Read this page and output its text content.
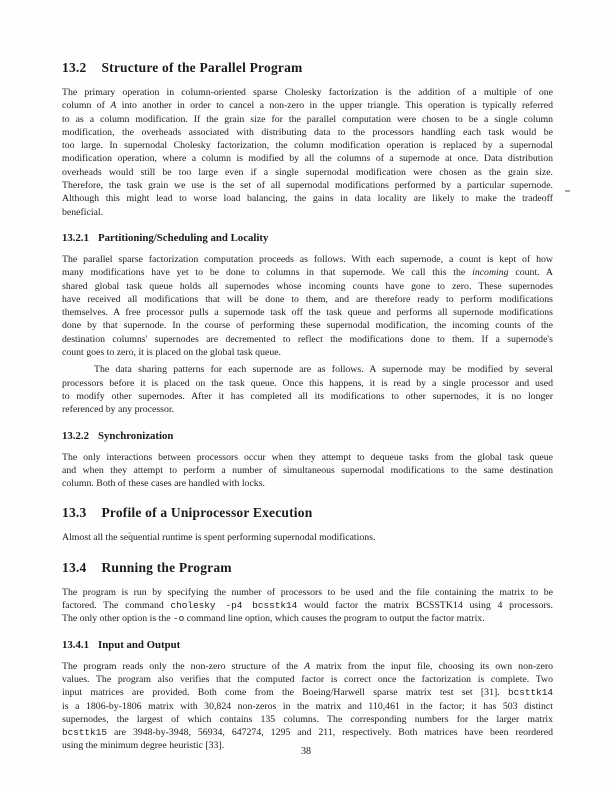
13.2 Structure of the Parallel Program
The primary operation in column-oriented sparse Cholesky factorization is the addition of a multiple of one
column of A into another in order to cancel a non-zero in the upper triangle. This operation is typically referred
to as a column modification. If the grain size for the parallel computation were chosen to be a single column
modification, the overheads associated with distributing data to the processors handling each task would be
too large. In supernodal Cholesky factorization, the column modification operation is replaced by a supernodal
modification operation, where a column is modified by all the columns of a supernode at once. Data distribution
overheads would still be too large even if a single supernodal modification were chosen as the grain size.
Therefore, the task grain we use is the set of all supernodal modifications performed by a particular supernode.
Although this might lead to worse load balancing, the gains in data locality are likely to make the tradeoff
beneficial.
13.2.1 Partitioning/Scheduling and Locality
The parallel sparse factorization computation proceeds as follows. With each supernode, a count is kept of how
many modifications have yet to be done to columns in that supernode. We call this the incoming count. A
shared global task queue holds all supernodes whose incoming counts have gone to zero. These supernodes
have received all modifications that will be done to them, and are therefore ready to perform modifications
themselves. A free processor pulls a supernode task off the task queue and performs all supernode modifications
done by that supernode. In the course of performing these supernodal modification, the incoming counts of the
destination columns' supernodes are decremented to reflect the modifications done to them. If a supernode's
count goes to zero, it is placed on the global task queue.
The data sharing patterns for each supernode are as follows. A supernode may be modified by several
processors before it is placed on the task queue. Once this happens, it is read by a single processor and used
to modify other supernodes. After it has completed all its modifications to other supernodes, it is no longer
referenced by any processor.
13.2.2 Synchronization
The only interactions between processors occur when they attempt to dequeue tasks from the global task queue
and when they attempt to perform a number of simultaneous supernodal modifications to the same destination
column. Both of these cases are handled with locks.
13.3 Profile of a Uniprocessor Execution
Almost all the sequential runtime is spent performing supernodal modifications.
13.4 Running the Program
The program is run by specifying the number of processors to be used and the file containing the matrix to be
factored. The command cholesky -p4 bcsstk14 would factor the matrix BCSSTK14 using 4 processors.
The only other option is the -o command line option, which causes the program to output the factor matrix.
13.4.1 Input and Output
The program reads only the non-zero structure of the A matrix from the input file, choosing its own non-zero
values. The program also verifies that the computed factor is correct once the factorization is complete. Two
input matrices are provided. Both come from the Boeing/Harwell sparse matrix test set [31]. bcsttk14
is a 1806-by-1806 matrix with 30,824 non-zeros in the matrix and 110,461 in the factor; it has 503 distinct
supernodes, the largest of which contains 135 columns. The corresponding numbers for the larger matrix
bcsttk15 are 3948-by-3948, 56934, 647274, 1295 and 211, respectively. Both matrices have been reordered
using the minimum degree heuristic [33].
38
